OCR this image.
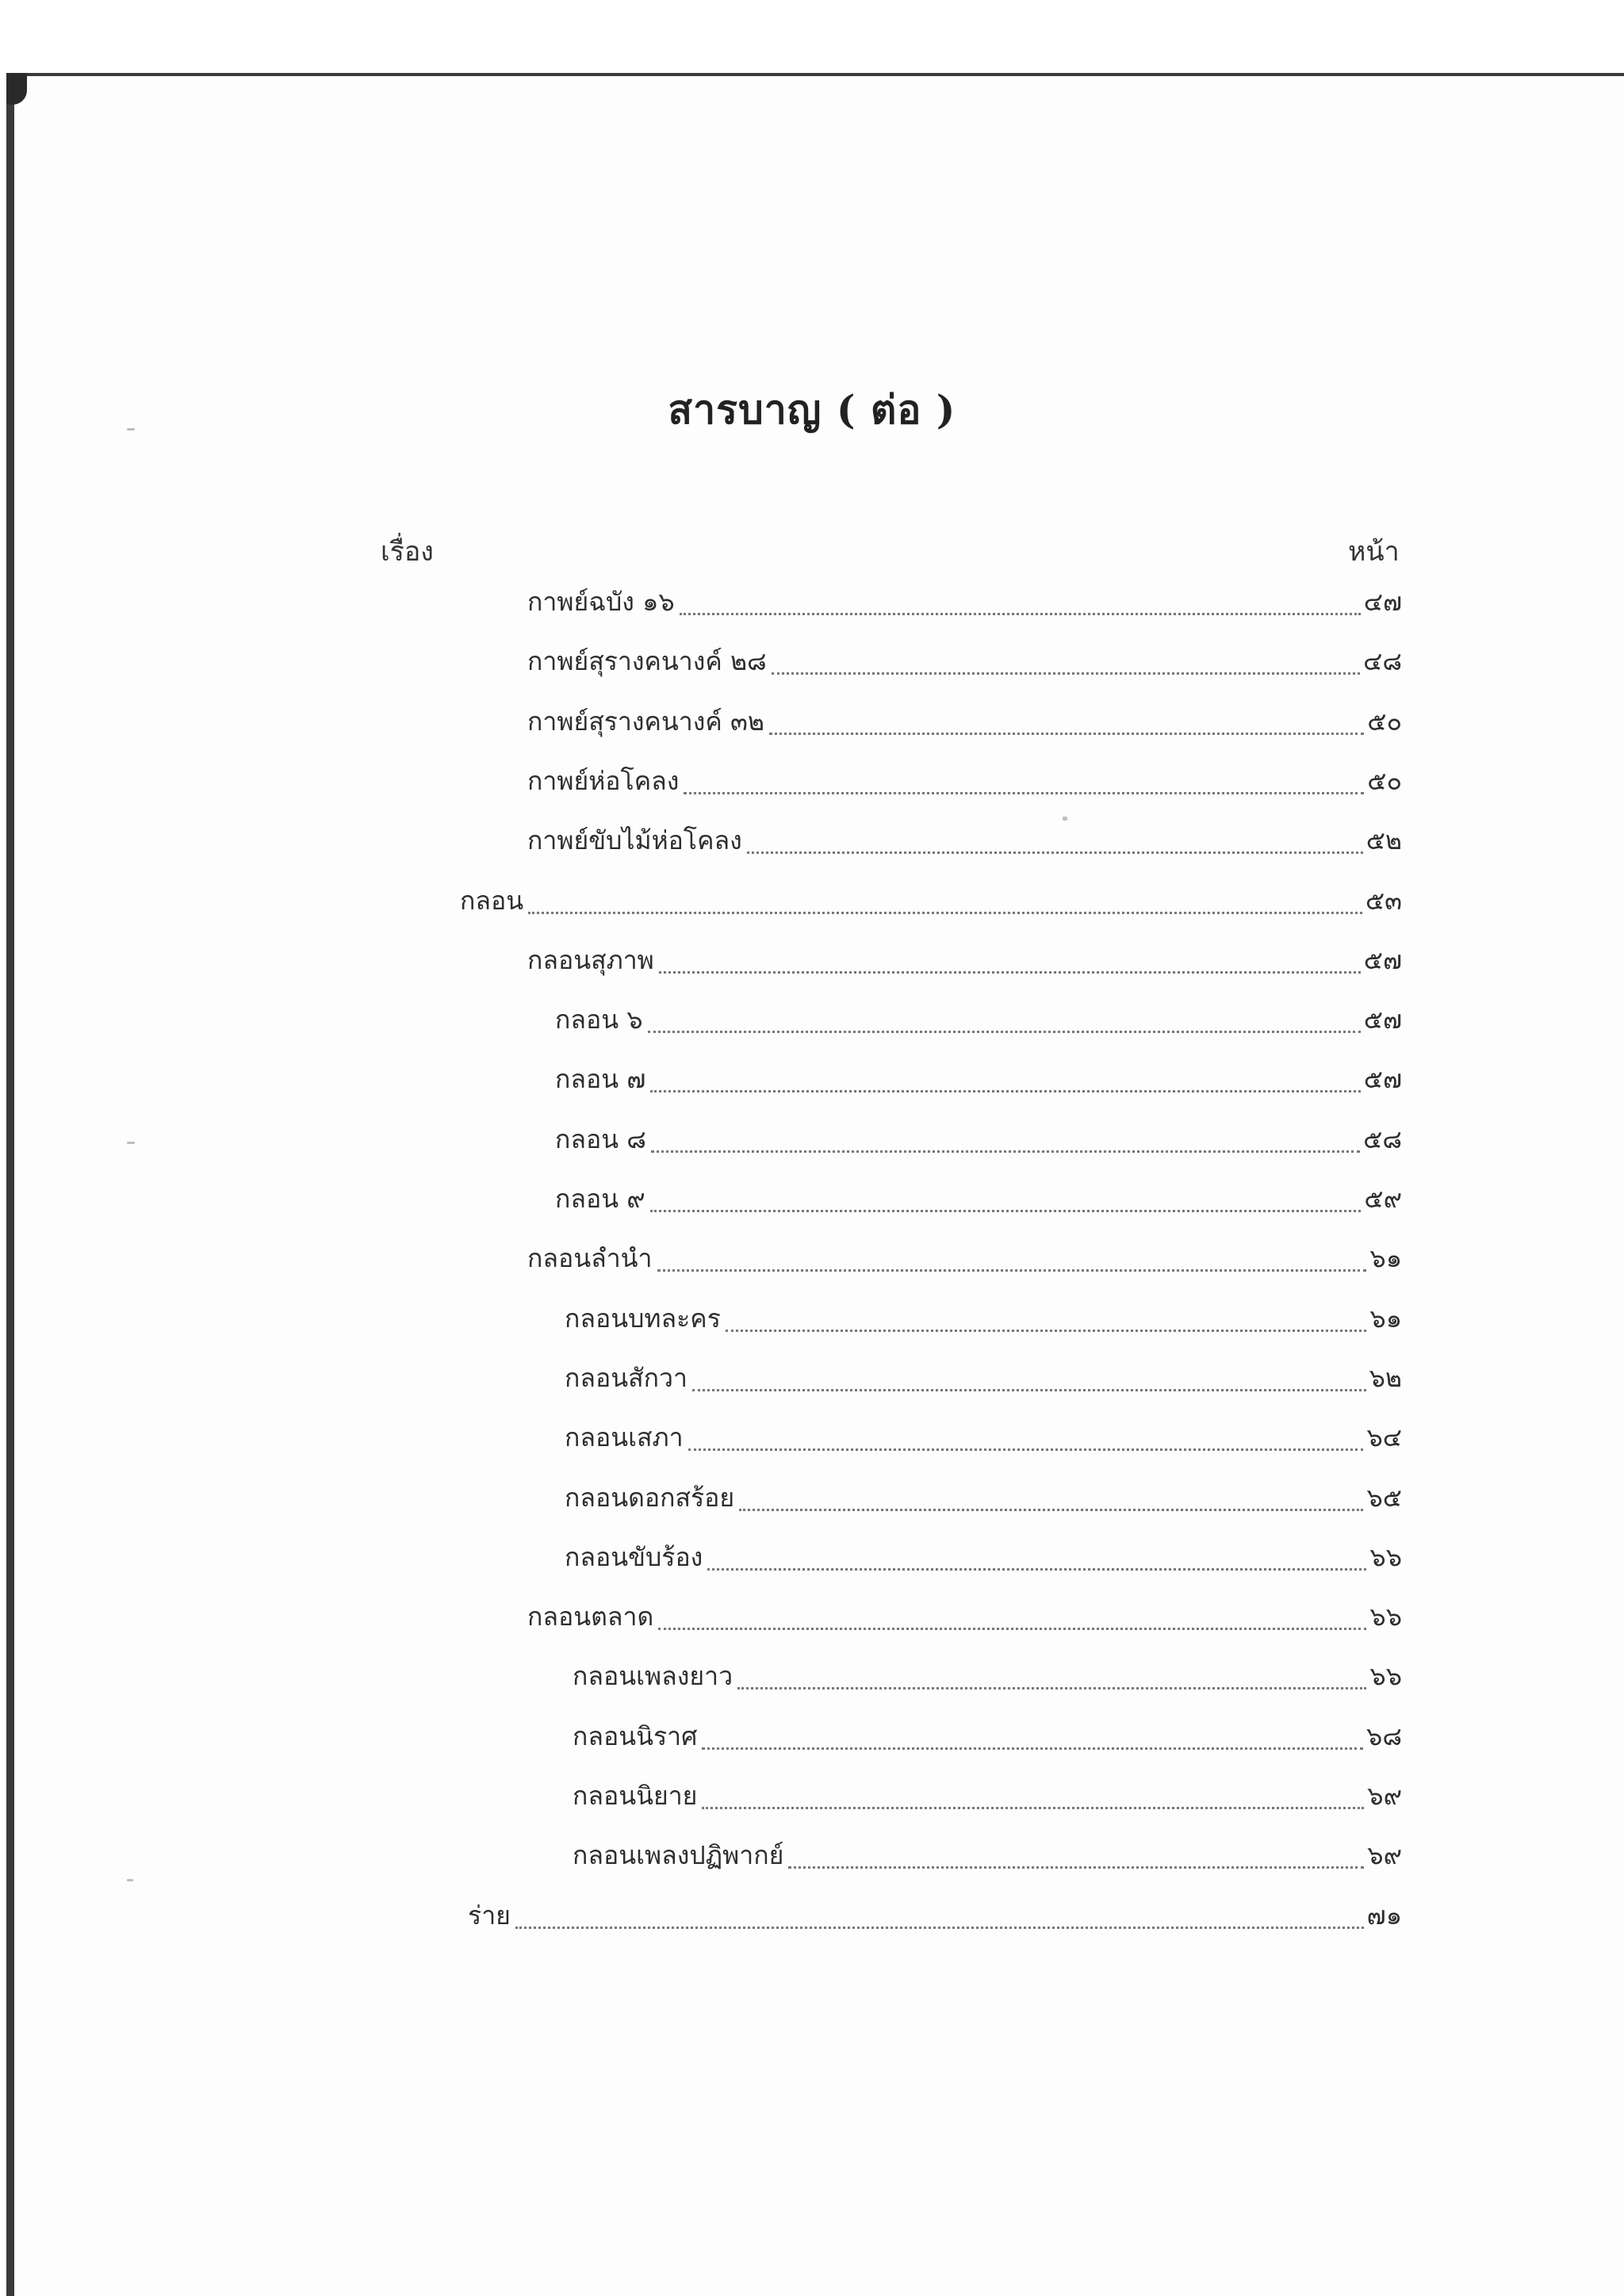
สารบาญ ( ต่อ )
เรื่อง	หน้า
กาพย์ฉบัง ๑๖	๔๗
กาพย์สุรางคนางค์ ๒๘	๔๘
กาพย์สุรางคนางค์ ๓๒	๕๐
กาพย์ห่อโคลง	๕๐
กาพย์ขับไม้ห่อโคลง	๕๒
กลอน	๕๓
กลอนสุภาพ	๕๗
กลอน ๖	๕๗
กลอน ๗	๕๗
กลอน ๘	๕๘
กลอน ๙	๕๙
กลอนลำนำ	๖๑
กลอนบทละคร	๖๑
กลอนสักวา	๖๒
กลอนเสภา	๖๔
กลอนดอกสร้อย	๖๕
กลอนขับร้อง	๖๖
กลอนตลาด	๖๖
กลอนเพลงยาว	๖๖
กลอนนิราศ	๖๘
กลอนนิยาย	๖๙
กลอนเพลงปฏิพากย์	๖๙
ร่าย	๗๑
